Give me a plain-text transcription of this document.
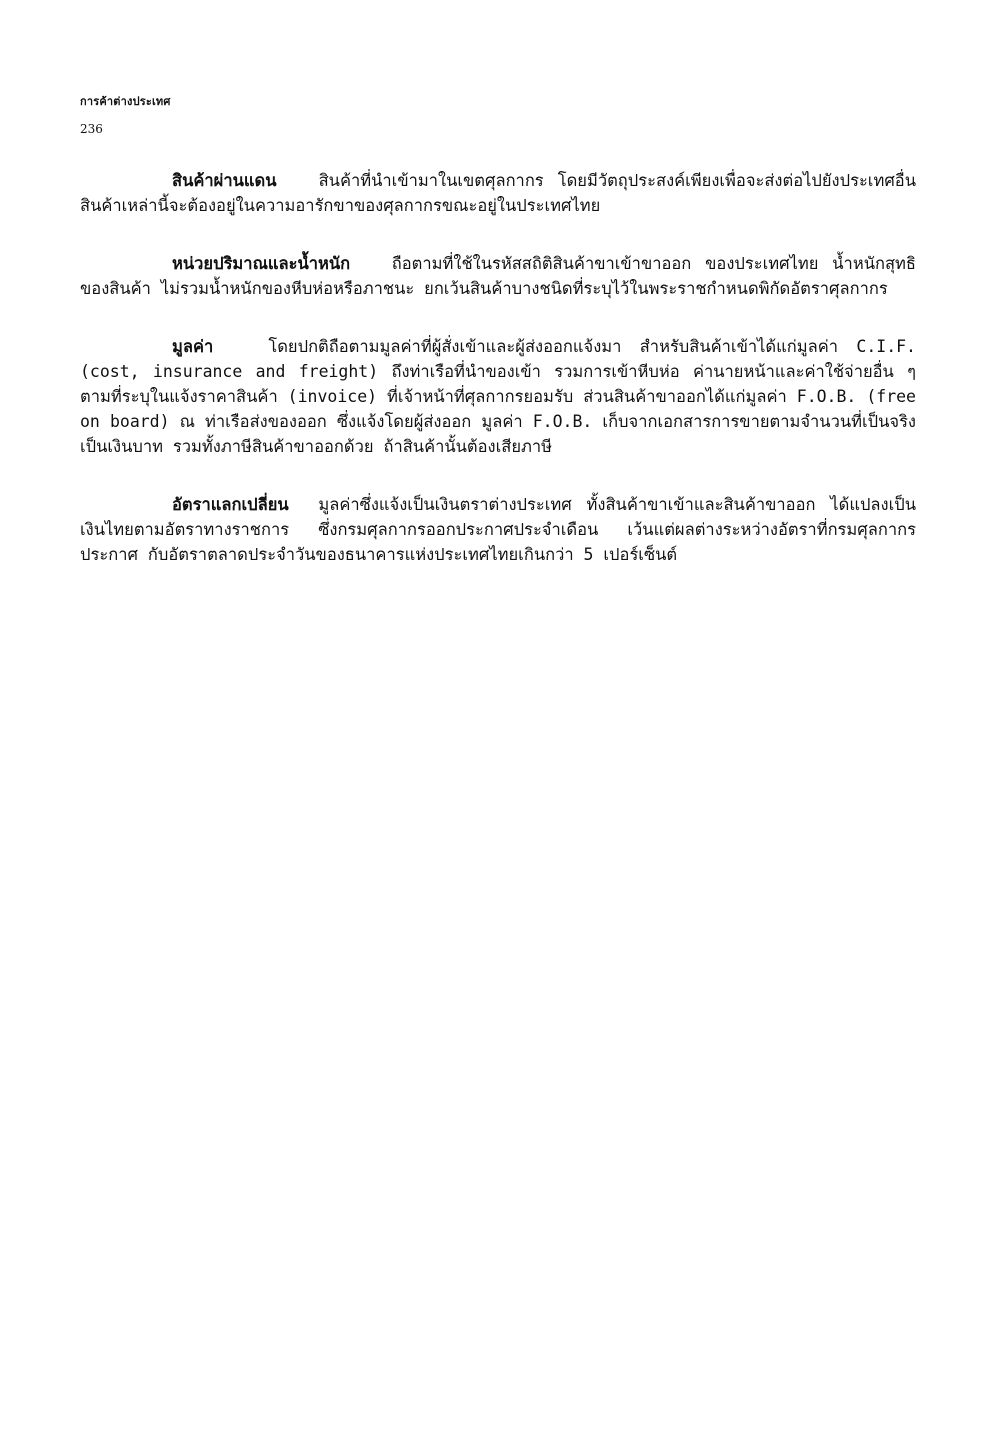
การค้าต่างประเทศ
236

สินค้าผ่านแดน	สินค้าที่นำเข้ามาในเขตศุลกากร โดยมีวัตถุประสงค์เพียงเพื่อจะส่งต่อไปยังประเทศอื่น สินค้าเหล่านี้จะต้องอยู่ในความอารักขาของศุลกากรขณะอยู่ในประเทศไทย

หน่วยปริมาณและน้ำหนัก	ถือตามที่ใช้ในรหัสสถิติสินค้าขาเข้าขาออก ของประเทศไทย น้ำหนักสุทธิของสินค้า ไม่รวมน้ำหนักของหีบห่อหรือภาชนะ ยกเว้นสินค้าบางชนิดที่ระบุไว้ในพระราชกำหนดพิกัดอัตราศุลกากร

มูลค่า	โดยปกติถือตามมูลค่าที่ผู้สั่งเข้าและผู้ส่งออกแจ้งมา สำหรับสินค้าเข้าได้แก่มูลค่า C.I.F. (cost, insurance and freight) ถึงท่าเรือที่นำของเข้า รวมการเข้าหีบห่อ ค่านายหน้าและค่าใช้จ่ายอื่น ๆ ตามที่ระบุในแจ้งราคาสินค้า (invoice) ที่เจ้าหน้าที่ศุลกากรยอมรับ ส่วนสินค้าขาออกได้แก่มูลค่า F.O.B. (free on board) ณ ท่าเรือส่งของออก ซึ่งแจ้งโดยผู้ส่งออก มูลค่า F.O.B. เก็บจากเอกสารการขายตามจำนวนที่เป็นจริงเป็นเงินบาท รวมทั้งภาษีสินค้าขาออกด้วย ถ้าสินค้านั้นต้องเสียภาษี

อัตราแลกเปลี่ยน มูลค่าซึ่งแจ้งเป็นเงินตราต่างประเทศ ทั้งสินค้าขาเข้าและสินค้าขาออก ได้แปลงเป็นเงินไทยตามอัตราทางราชการ ซึ่งกรมศุลกากรออกประกาศประจำเดือน เว้นแต่ผลต่างระหว่างอัตราที่กรมศุลกากรประกาศ กับอัตราตลาดประจำวันของธนาคารแห่งประเทศไทยเกินกว่า 5 เปอร์เซ็นต์
